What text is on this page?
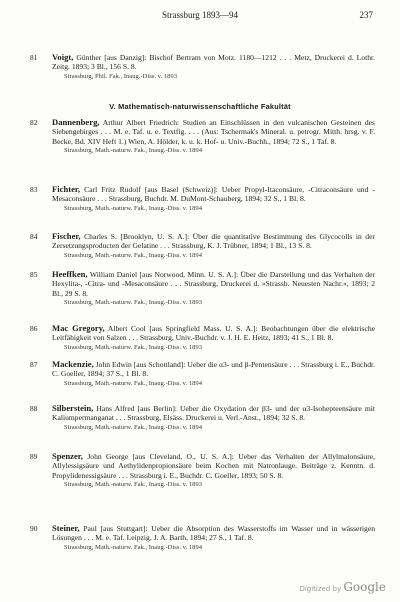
Strassburg 1893—94	237
81	Voigt, Günther [aus Danzig]: Bischof Bertram von Motz. 1180—1212 . . . Metz, Druckerei d. Lothr. Zeitg. 1893; 3 Bl., 156 S. 8.
Strassburg, Phil. Fak., Inaug.-Diss. v. 1893

V. Mathematisch-naturwissenschaftliche Fakultät
82	Dannenberg, Arthur Albert Friedrich: Studien an Einschlüssen in den vulcanischen Gesteinen des Siebengebirges . . . M. e. Taf. u. e. Textfig. . . . (Aus: Tschermak's Mineral. u. petrogr. Mitth. hrsg. v. F. Becke, Bd. XIV Heft 1.) Wien, A. Hölder, k. u. k. Hof- u. Univ.-Buchh., 1894; 72 S., 1 Taf. 8.
Strassburg, Math.-naturw. Fak., Inaug.-Diss. v. 1894

83	Fichter, Carl Fritz Rudolf [aus Basel (Schweiz)]: Ueber Propyl-Itaconsäure, -Citraconsäure und -Mesaconsäure . . . Strassburg, Buchdr. M. DuMont-Schauberg, 1894; 32 S., 1 Bl. 8.
Strassburg, Math.-naturw. Fak., Inaug.-Diss. v. 1894

84	Fischer, Charles S. [Brooklyn, U. S. A.]: Über die quantitative Bestimmung des Glycocolls in der Zersetzungsproducten der Gelatine . . . Strassburg, K. J. Trübner, 1894; 1 Bl., 13 S. 8.
Strassburg, Math.-naturw. Fak., Inaug.-Diss. v. 1894

85	Heeffken, William Daniel [aus Norwood, Minn. U. S. A.]: Über die Darstellung und das Verhalten der Hexylita-, -Citra- und -Mesaconsäure . . . Strassburg, Druckerei d. »Strassb. Neuesten Nachr.«, 1893; 2 Bl., 29 S. 8.
Strassburg, Math.-naturw. Fak., Inaug.-Diss. v. 1893

86	Mac Gregory, Albert Cool [aus Springfield Mass. U. S. A.]: Beobachtungen über die elektrische Leitfähigkeit von Salzen . . . Strassburg, Univ.-Buchdr. v. J. H. E. Heitz, 1893; 41 S., 1 Bl. 8.
Strassburg, Math.-naturw. Fak., Inaug.-Diss. v. 1893

87	Mackenzie, John Edwin [aus Schottland]: Ueber die α3- und β-Pentensäure . . . Strassburg i. E., Buchdr. C. Goeller, 1894; 37 S., 1 Bl. 8.
Strassburg, Math.-naturw. Fak., Inaug.-Diss. v. 1894

88	Silberstein, Hans Alfred [aus Berlin]: Ueber die Oxydation der β3- und der α3-Isohepteensäure mit Kaliumpermanganat . . . Strassburg, Elsäss. Druckerei u. Verl.-Anst., 1894; 32 S. 8.
Strassburg, Math.-naturw. Fak., Inaug.-Diss. v. 1894

89	Spenzer, John George [aus Cleveland, O., U. S. A.]: Ueber das Verhalten der Allylmalonsäure, Allylessigsäure und Aethylidenpropionsäure beim Kochen mit Natronlauge. Beiträge z. Kenntn. d. Propylidenessigsäure . . . Strassburg i. E., Buchdr. C. Goeller, 1893; 50 S. 8.
Strassburg, Math.-naturw. Fak., Inaug.-Diss. v. 1893

90	Steiner, Paul [aus Stuttgart]: Ueber die Absorption des Wasserstoffs im Wasser und in wässerigen Lösungen . . . M. e. Taf. Leipzig, J. A. Barth, 1894; 27 S., 1 Taf. 8.
Strassburg, Math.-naturw. Fak., Inaug.-Diss. v. 1894

Digitized by Google
